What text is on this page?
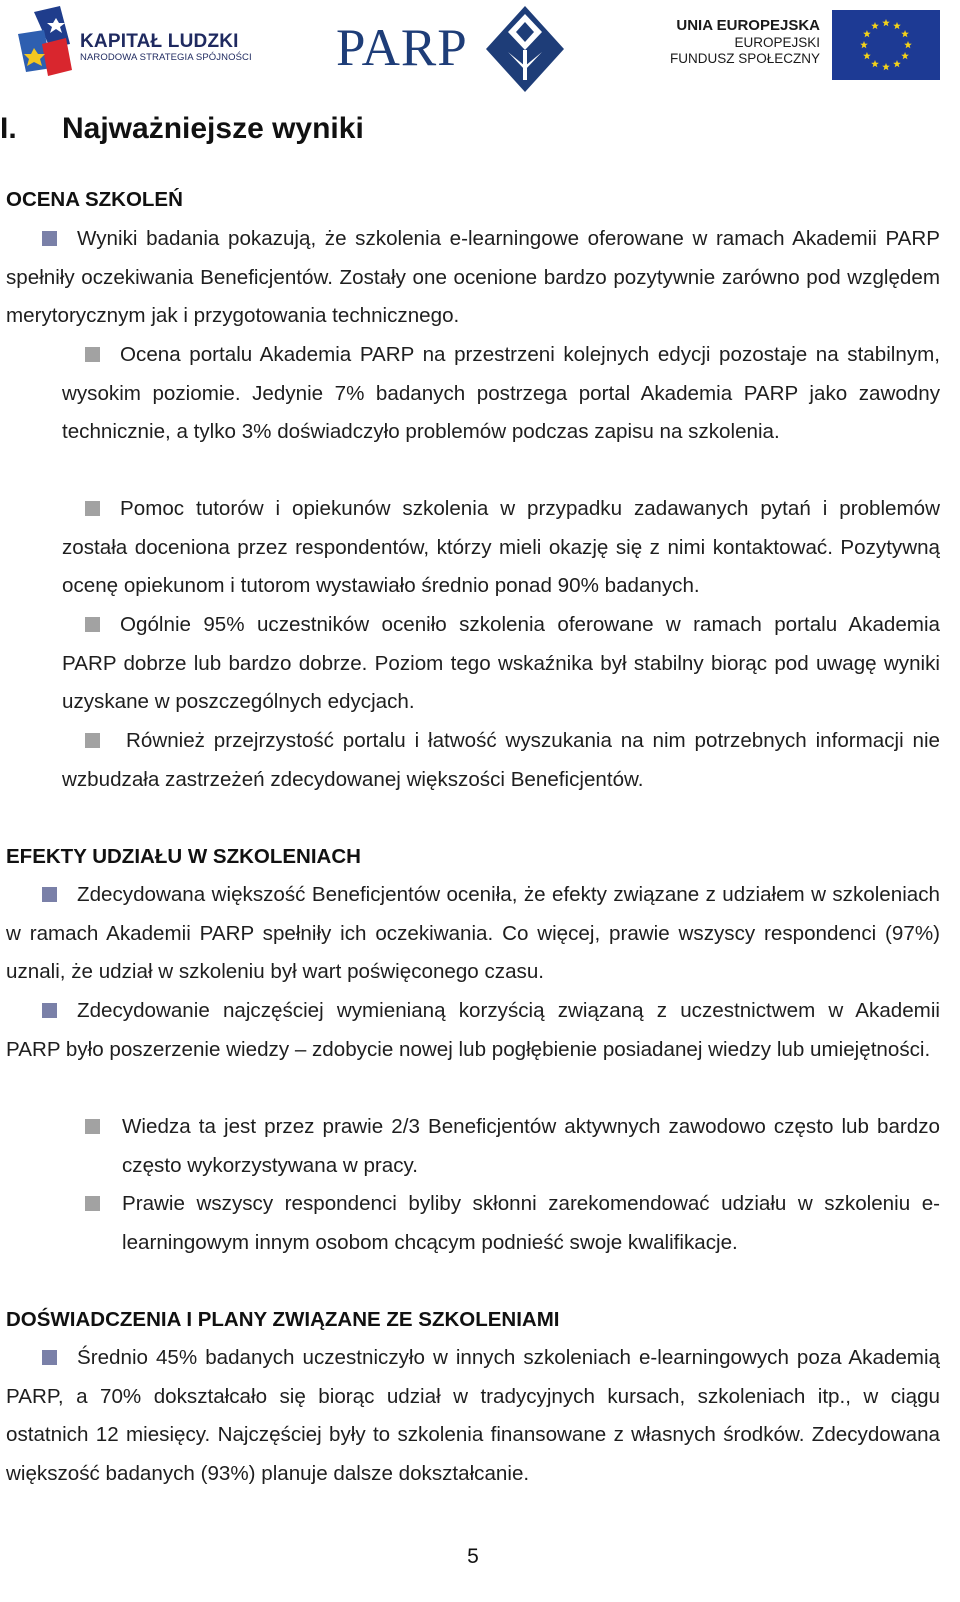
KAPITAŁ LUDZKI
NARODOWA STRATEGIA SPÓJNOŚCI PARP	UNIA EUROPEJSKA
EUROPEJSKI
FUNDUSZ SPOŁECZNY
I. Najważniejsze wyniki
OCENA SZKOLEŃ

Wyniki badania pokazują, że szkolenia e-learningowe oferowane w ramach Akademii PARP spełniły oczekiwania Beneficjentów. Zostały one ocenione bardzo pozytywnie zarówno pod względem merytorycznym jak i przygotowania technicznego.

Ocena portalu Akademia PARP na przestrzeni kolejnych edycji pozostaje na stabilnym, wysokim poziomie. Jedynie 7% badanych postrzega portal Akademia PARP jako zawodny technicznie, a tylko 3% doświadczyło problemów podczas zapisu na szkolenia.

Pomoc tutorów i opiekunów szkolenia w przypadku zadawanych pytań i problemów została doceniona przez respondentów, którzy mieli okazję się z nimi kontaktować. Pozytywną ocenę opiekunom i tutorom wystawiało średnio ponad 90% badanych.

Ogólnie 95% uczestników oceniło szkolenia oferowane w ramach portalu Akademia PARP dobrze lub bardzo dobrze. Poziom tego wskaźnika był stabilny biorąc pod uwagę wyniki uzyskane w poszczególnych edycjach.

Również przejrzystość portalu i łatwość wyszukania na nim potrzebnych informacji nie wzbudzała zastrzeżeń zdecydowanej większości Beneficjentów.

EFEKTY UDZIAŁU W SZKOLENIACH

Zdecydowana większość Beneficjentów oceniła, że efekty związane z udziałem w szkoleniach w ramach Akademii PARP spełniły ich oczekiwania. Co więcej, prawie wszyscy respondenci (97%) uznali, że udział w szkoleniu był wart poświęconego czasu.

Zdecydowanie najczęściej wymienianą korzyścią związaną z uczestnictwem w Akademii PARP było poszerzenie wiedzy – zdobycie nowej lub pogłębienie posiadanej wiedzy lub umiejętności.

Wiedza ta jest przez prawie 2/3 Beneficjentów aktywnych zawodowo często lub bardzo często wykorzystywana w pracy.

Prawie wszyscy respondenci byliby skłonni zarekomendować udziału w szkoleniu e-learningowym innym osobom chcącym podnieść swoje kwalifikacje.

DOŚWIADCZENIA I PLANY ZWIĄZANE ZE SZKOLENIAMI

Średnio 45% badanych uczestniczyło w innych szkoleniach e-learningowych poza Akademią PARP, a 70% dokształcało się biorąc udział w tradycyjnych kursach, szkoleniach itp., w ciągu ostatnich 12 miesięcy. Najczęściej były to szkolenia finansowane z własnych środków. Zdecydowana większość badanych (93%) planuje dalsze dokształcanie.

5
